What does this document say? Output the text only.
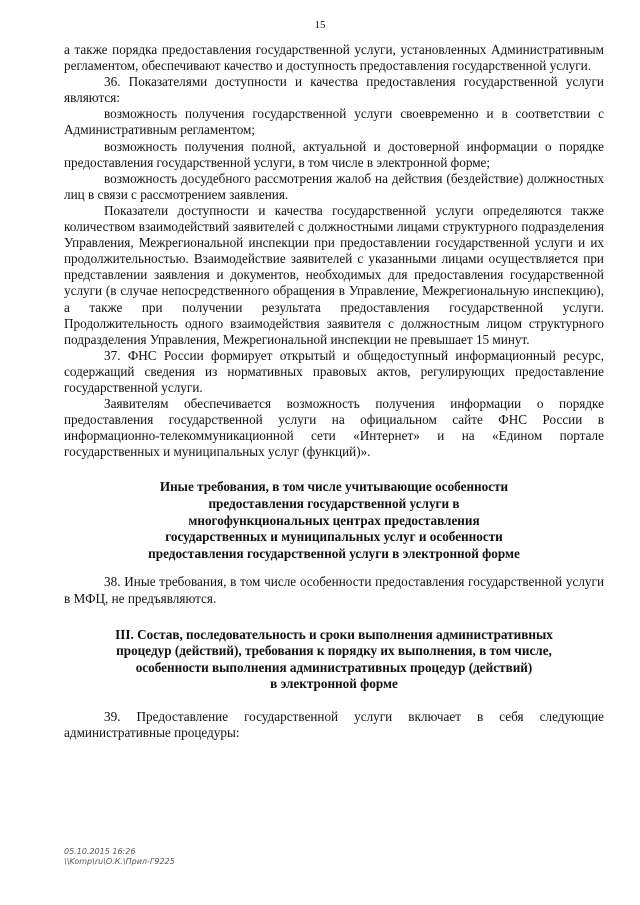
15

а также порядка предоставления государственной услуги, установленных Административным регламентом, обеспечивают качество и доступность предоставления государственной услуги.

36. Показателями доступности и качества предоставления государственной услуги являются:

возможность получения государственной услуги своевременно и в соответствии с Административным регламентом;

возможность получения полной, актуальной и достоверной информации о порядке предоставления государственной услуги, в том числе в электронной форме;

возможность досудебного рассмотрения жалоб на действия (бездействие) должностных лиц в связи с рассмотрением заявления.

Показатели доступности и качества государственной услуги определяются также количеством взаимодействий заявителей с должностными лицами структурного подразделения Управления, Межрегиональной инспекции при предоставлении государственной услуги и их продолжительностью. Взаимодействие заявителей с указанными лицами осуществляется при представлении заявления и документов, необходимых для предоставления государственной услуги (в случае непосредственного обращения в Управление, Межрегиональную инспекцию), а также при получении результата предоставления государственной услуги. Продолжительность одного взаимодействия заявителя с должностным лицом структурного подразделения Управления, Межрегиональной инспекции не превышает 15 минут.

37. ФНС России формирует открытый и общедоступный информационный ресурс, содержащий сведения из нормативных правовых актов, регулирующих предоставление государственной услуги.

Заявителям обеспечивается возможность получения информации о порядке предоставления государственной услуги на официальном сайте ФНС России в информационно-телекоммуникационной сети «Интернет» и на «Едином портале государственных и муниципальных услуг (функций)».

Иные требования, в том числе учитывающие особенности
предоставления государственной услуги в
многофункциональных центрах предоставления
государственных и муниципальных услуг и особенности
предоставления государственной услуги в электронной форме

38. Иные требования, в том числе особенности предоставления государственной услуги в МФЦ, не предъявляются.

III. Состав, последовательность и сроки выполнения административных
процедур (действий), требования к порядку их выполнения, в том числе,
особенности выполнения административных процедур (действий)
в электронной форме

39. Предоставление государственной услуги включает в себя следующие административные процедуры:

05.10.2015 16:26
\\Komp\ru\О.К.\Прил-Г9225
